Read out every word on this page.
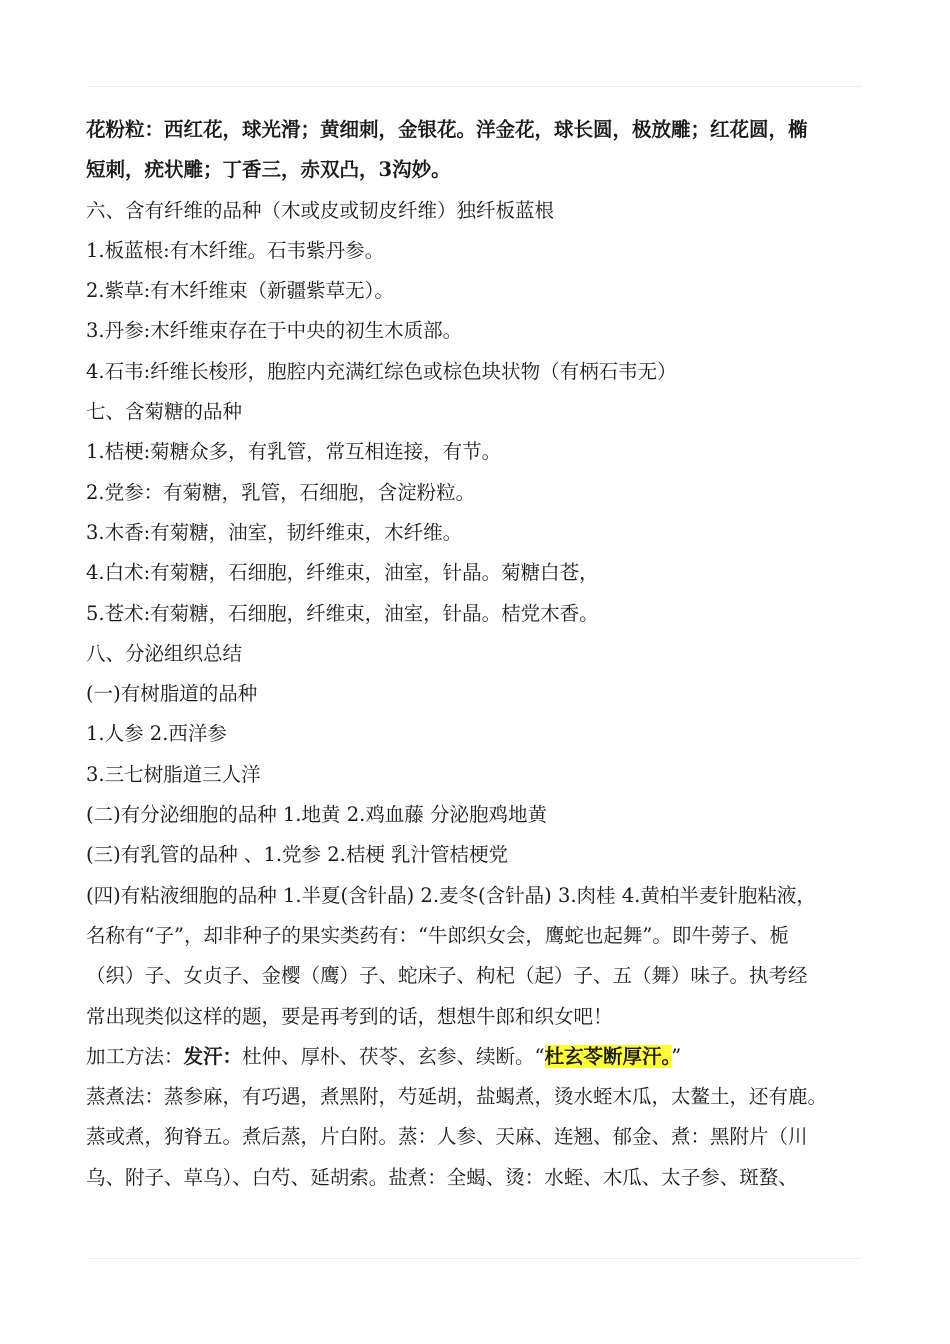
花粉粒：西红花，球光滑；黄细刺，金银花。洋金花，球长圆，极放雕；红花圆，椭
短刺，疣状雕；丁香三，赤双凸，3沟妙。
六、含有纤维的品种（木或皮或韧皮纤维）独纤板蓝根
1.板蓝根:有木纤维。石韦紫丹参。
2.紫草:有木纤维束（新疆紫草无）。
3.丹参:木纤维束存在于中央的初生木质部。
4.石韦:纤维长梭形，胞腔内充满红综色或棕色块状物（有柄石韦无）
七、含菊糖的品种
1.桔梗:菊糖众多，有乳管，常互相连接，有节。
2.党参：有菊糖，乳管，石细胞，含淀粉粒。
3.木香:有菊糖，油室，韧纤维束，木纤维。
4.白术:有菊糖，石细胞，纤维束，油室，针晶。菊糖白苍，
5.苍术:有菊糖，石细胞，纤维束，油室，针晶。桔党木香。
八、分泌组织总结
(一)有树脂道的品种
1.人参 2.西洋参
3.三七树脂道三人洋
(二)有分泌细胞的品种 1.地黄 2.鸡血藤 分泌胞鸡地黄
(三)有乳管的品种 、1.党参 2.桔梗 乳汁管桔梗党
(四)有粘液细胞的品种 1.半夏(含针晶) 2.麦冬(含针晶) 3.肉桂 4.黄柏半麦针胞粘液，
名称有“子”，却非种子的果实类药有：“牛郎织女会，鹰蛇也起舞”。即牛蒡子、栀
（织）子、女贞子、金樱（鹰）子、蛇床子、枸杞（起）子、五（舞）味子。执考经
常出现类似这样的题，要是再考到的话，想想牛郎和织女吧！
加工方法：发汗：杜仲、厚朴、茯苓、玄参、续断。“杜玄苓断厚汗。”
蒸煮法：蒸参麻，有巧遇，煮黑附，芍延胡，盐蝎煮，烫水蛭木瓜，太鳌土，还有鹿。
蒸或煮，狗脊五。煮后蒸，片白附。蒸：人参、天麻、连翘、郁金、煮：黑附片（川
乌、附子、草乌）、白芍、延胡索。盐煮：全蝎、烫：水蛭、木瓜、太子参、斑蝥、
